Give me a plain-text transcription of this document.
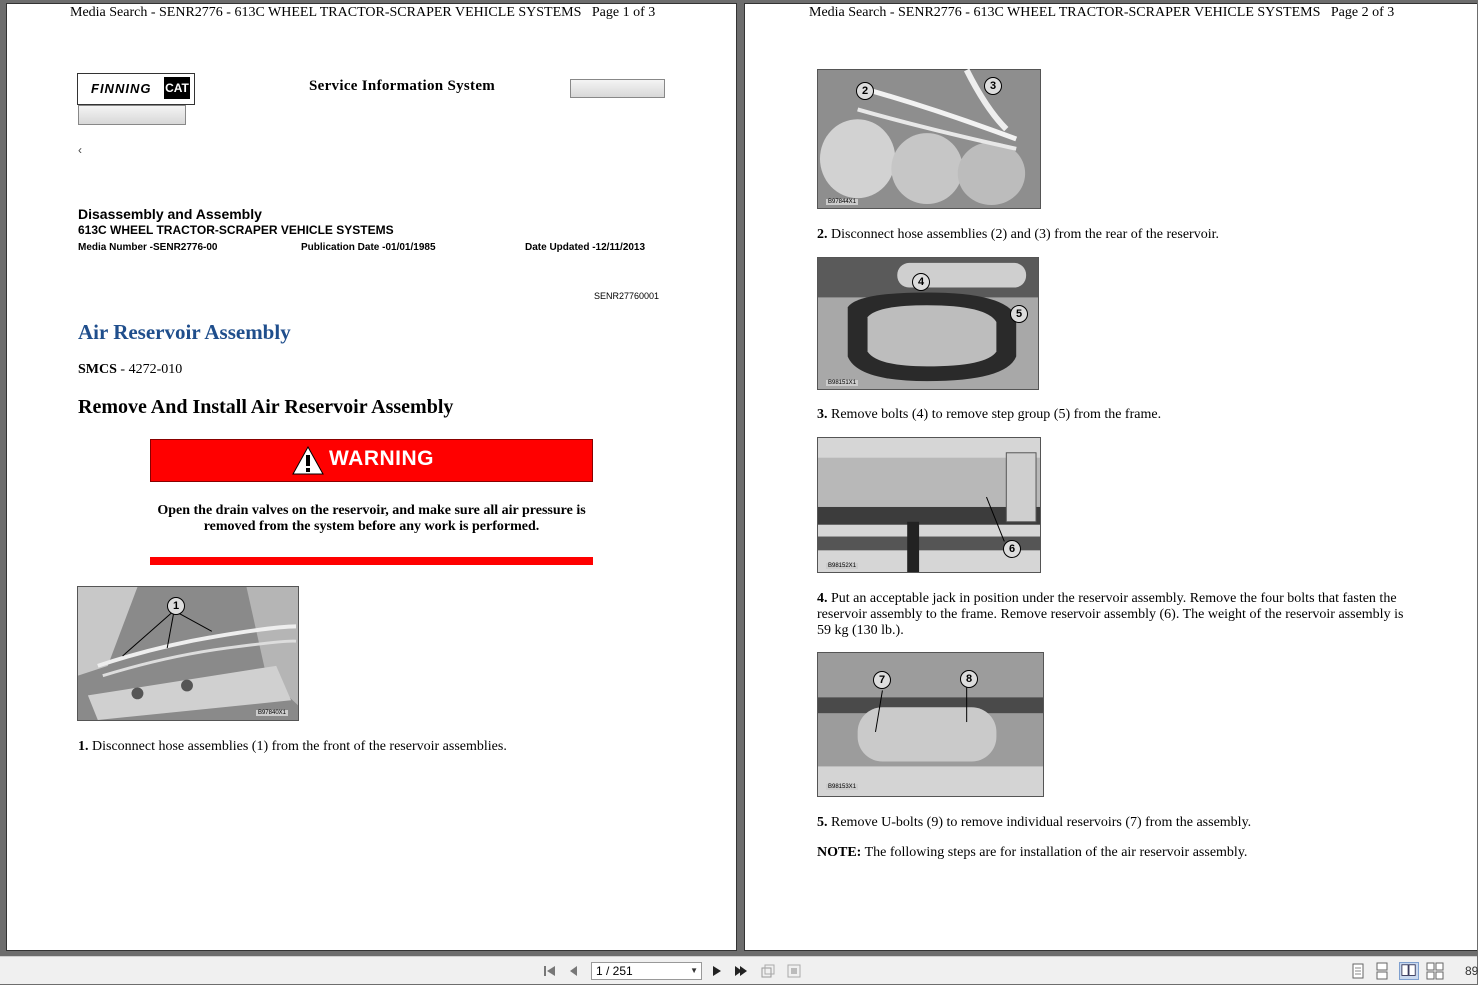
Media Search - SENR2776 - 613C WHEEL TRACTOR-SCRAPER VEHICLE SYSTEMS   Page 1 of 3
FINNING CAT	Service Information System
‹
Disassembly and Assembly
613C WHEEL TRACTOR-SCRAPER VEHICLE SYSTEMS
Media Number -SENR2776-00	Publication Date -01/01/1985	Date Updated -12/11/2013
SENR27760001
Air Reservoir Assembly
SMCS - 4272-010
Remove And Install Air Reservoir Assembly
WARNING
Open the drain valves on the reservoir, and make sure all air pressure is removed from the system before any work is performed.
1
B97840X1
1. Disconnect hose assemblies (1) from the front of the reservoir assemblies.
Media Search - SENR2776 - 613C WHEEL TRACTOR-SCRAPER VEHICLE SYSTEMS   Page 2 of 3
2	3
B97844X1
2. Disconnect hose assemblies (2) and (3) from the rear of the reservoir.
4
5
B98151X1
3. Remove bolts (4) to remove step group (5) from the frame.
6
B98152X1
4. Put an acceptable jack in position under the reservoir assembly. Remove the four bolts that fasten the reservoir assembly to the frame. Remove reservoir assembly (6). The weight of the reservoir assembly is 59 kg (130 lb.).
7	8
B98153X1
5. Remove U-bolts (9) to remove individual reservoirs (7) from the assembly.
NOTE: The following steps are for installation of the air reservoir assembly.
1 / 251	▼	89
